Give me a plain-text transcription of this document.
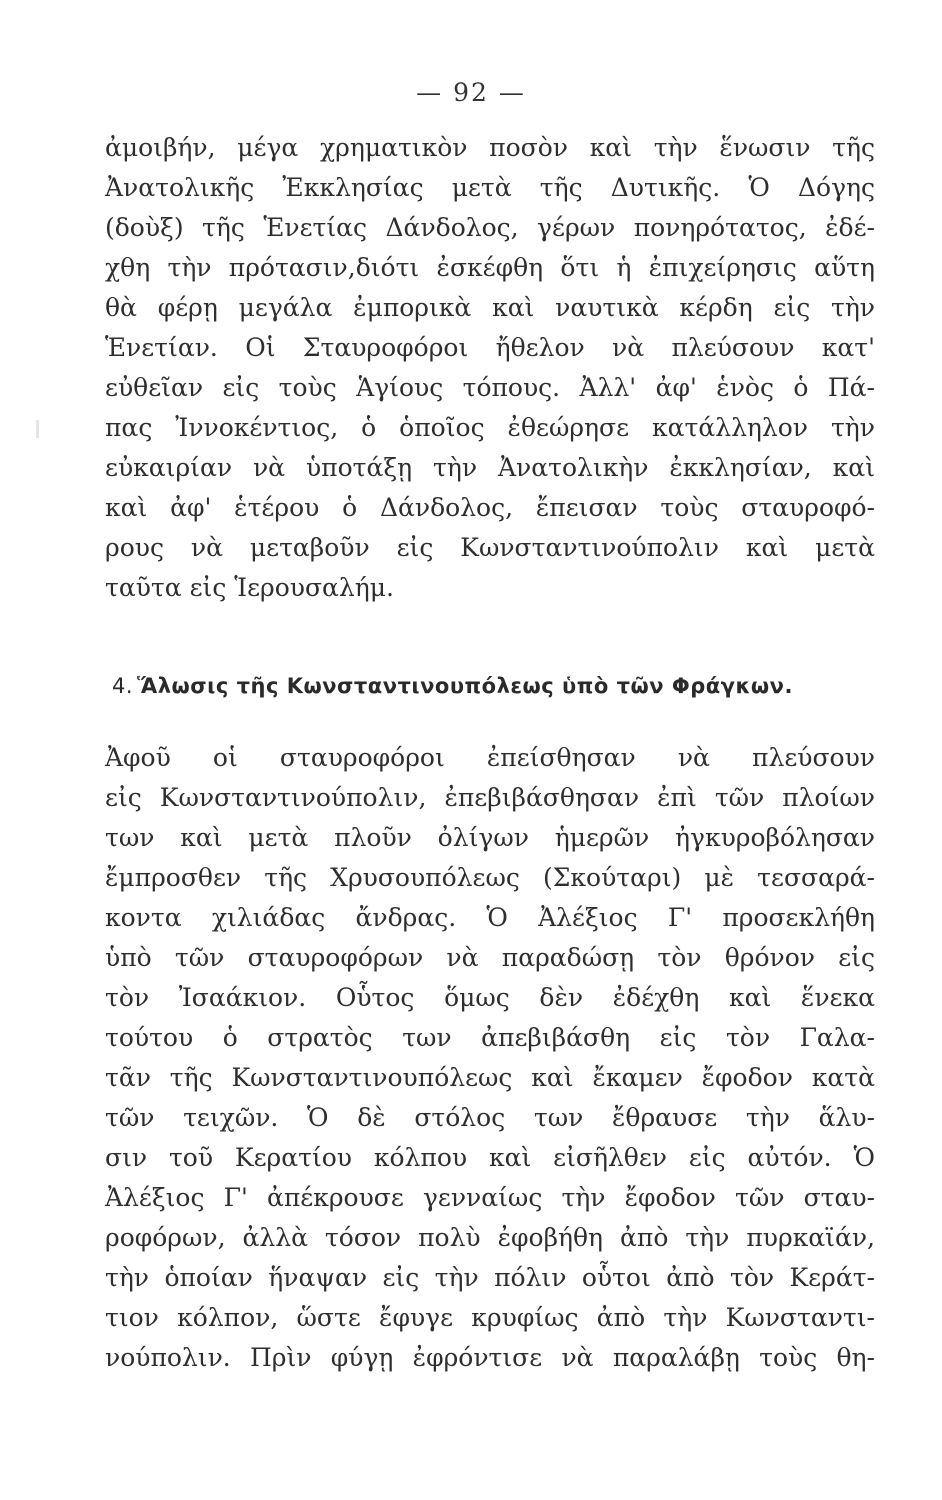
— 92 —
ἀμοιβήν, μέγα χρηματικὸν ποσὸν καὶ τὴν ἕνωσιν τῆς
Ἀνατολικῆς Ἐκκλησίας μετὰ τῆς Δυτικῆς. Ὁ Δόγης
(δοὺξ) τῆς Ἑνετίας Δάνδολος, γέρων πονηρότατος, ἐδέ-
χθη τὴν πρότασιν,διότι ἐσκέφθη ὅτι ἡ ἐπιχείρησις αὕτη
θὰ φέρῃ μεγάλα ἐμπορικὰ καὶ ναυτικὰ κέρδη εἰς τὴν
Ἑνετίαν. Οἱ Σταυροφόροι ἤθελον νὰ πλεύσουν κατ'
εὐθεῖαν εἰς τοὺς Ἁγίους τόπους. Ἀλλ' ἀφ' ἑνὸς ὁ Πά-
πας Ἰννοκέντιος, ὁ ὁποῖος ἐθεώρησε κατάλληλον τὴν
εὐκαιρίαν νὰ ὑποτάξῃ τὴν Ἀνατολικὴν ἐκκλησίαν, καὶ
καὶ ἀφ' ἑτέρου ὁ Δάνδολος, ἔπεισαν τοὺς σταυροφό-
ρους νὰ μεταβοῦν εἰς Κωνσταντινούπολιν καὶ μετὰ
ταῦτα εἰς Ἱερουσαλήμ.
4. Ἅλωσις τῆς Κωνσταντινουπόλεως ὑπὸ τῶν Φράγκων.
Ἀφοῦ οἱ σταυροφόροι ἐπείσθησαν νὰ πλεύσουν
εἰς Κωνσταντινούπολιν, ἐπεβιβάσθησαν ἐπὶ τῶν πλοίων
των καὶ μετὰ πλοῦν ὀλίγων ἡμερῶν ἠγκυροβόλησαν
ἔμπροσθεν τῆς Χρυσουπόλεως (Σκούταρι) μὲ τεσσαρά-
κοντα χιλιάδας ἄνδρας. Ὁ Ἀλέξιος Γ' προσεκλήθη
ὑπὸ τῶν σταυροφόρων νὰ παραδώσῃ τὸν θρόνον εἰς
τὸν Ἰσαάκιον. Οὗτος ὅμως δὲν ἐδέχθη καὶ ἕνεκα
τούτου ὁ στρατὸς των ἀπεβιβάσθη εἰς τὸν Γαλα-
τᾶν τῆς Κωνσταντινουπόλεως καὶ ἔκαμεν ἔφοδον κατὰ
τῶν τειχῶν. Ὁ δὲ στόλος των ἔθραυσε τὴν ἅλυ-
σιν τοῦ Κερατίου κόλπου καὶ εἰσῆλθεν εἰς αὐτόν. Ὁ
Ἀλέξιος Γ' ἀπέκρουσε γενναίως τὴν ἔφοδον τῶν σταυ-
ροφόρων, ἀλλὰ τόσον πολὺ ἐφοβήθη ἀπὸ τὴν πυρκαϊάν,
τὴν ὁποίαν ἥναψαν εἰς τὴν πόλιν οὗτοι ἀπὸ τὸν Κεράτ-
τιον κόλπον, ὥστε ἔφυγε κρυφίως ἀπὸ τὴν Κωνσταντι-
νούπολιν. Πρὶν φύγῃ ἐφρόντισε νὰ παραλάβῃ τοὺς θη-
